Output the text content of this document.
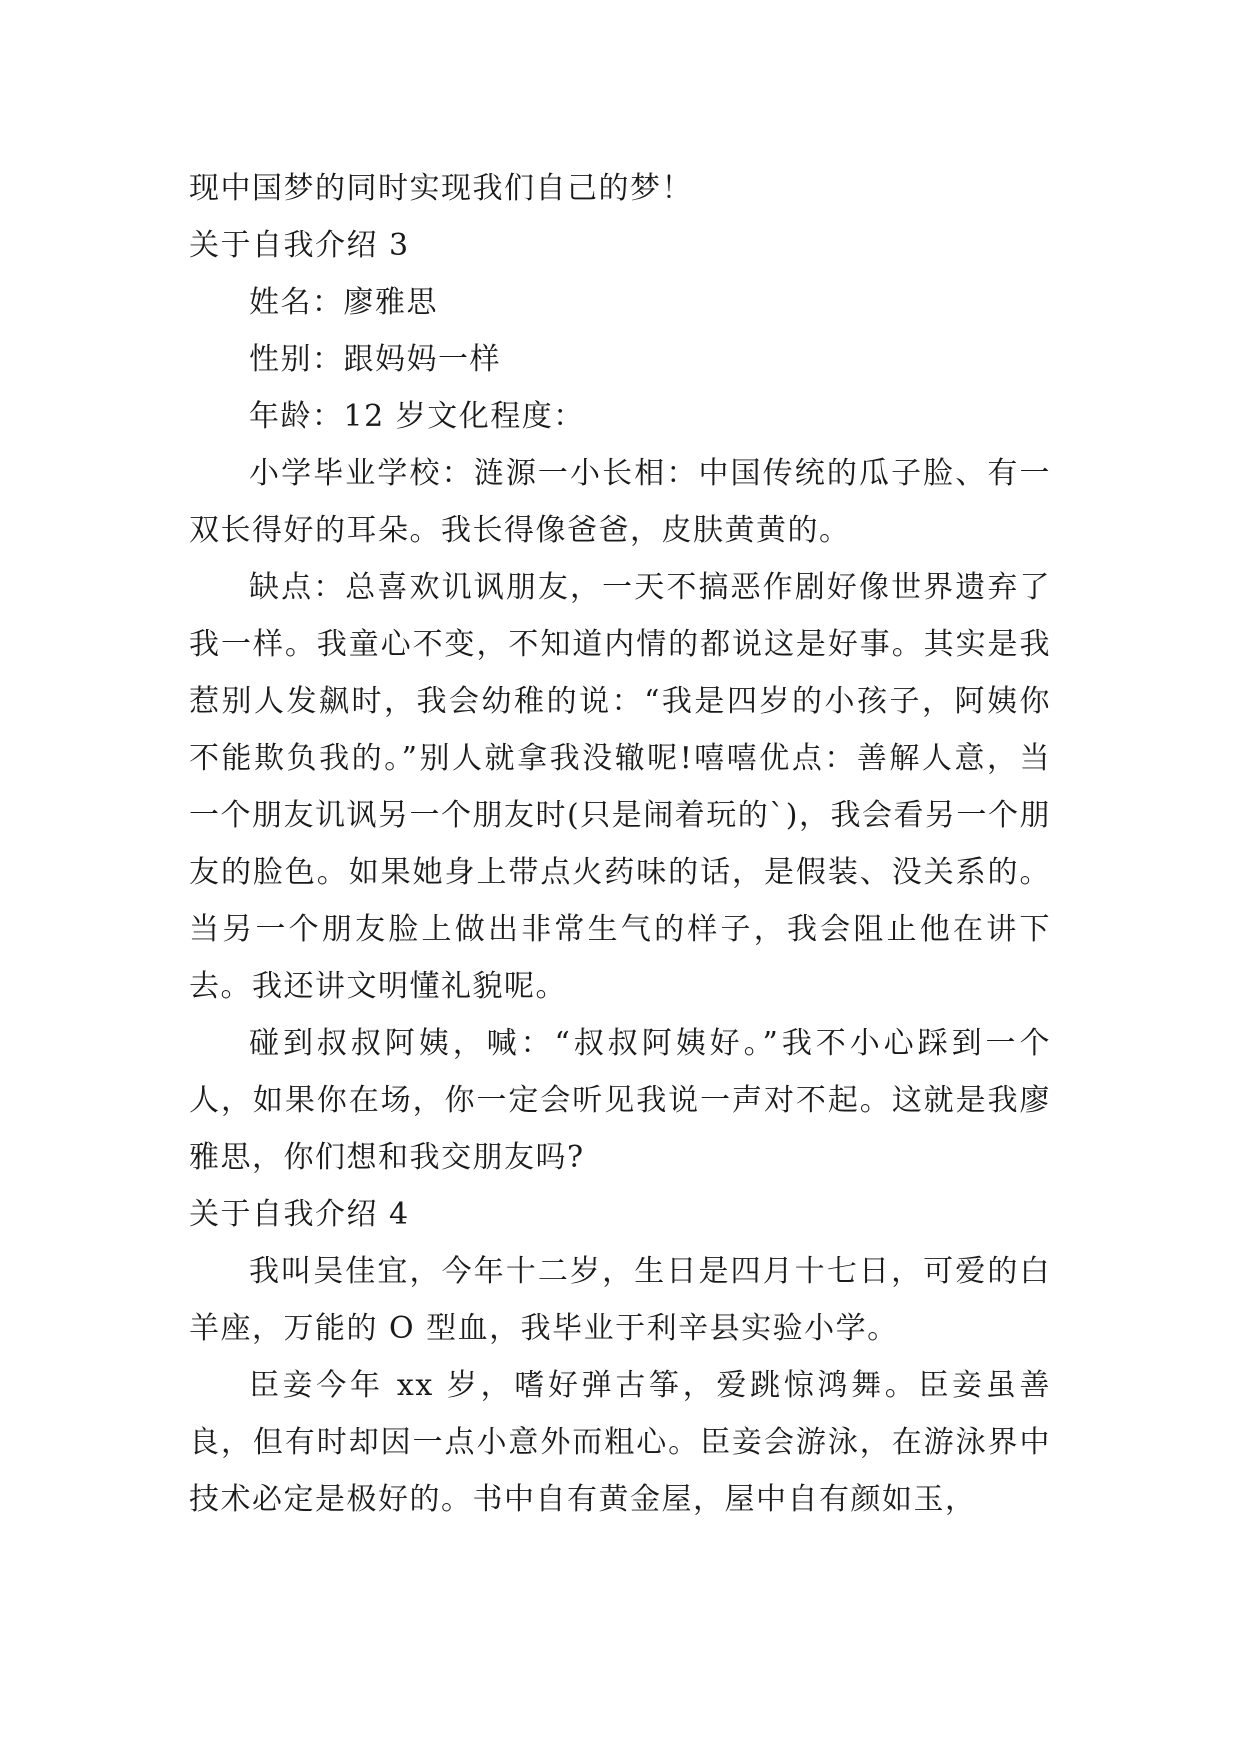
现中国梦的同时实现我们自己的梦！

关于自我介绍 3

姓名：廖雅思

性别：跟妈妈一样

年龄：12 岁文化程度：

小学毕业学校：涟源一小长相：中国传统的瓜子脸、有一双长得好的耳朵。我长得像爸爸，皮肤黄黄的。

缺点：总喜欢讥讽朋友，一天不搞恶作剧好像世界遗弃了我一样。我童心不变，不知道内情的都说这是好事。其实是我惹别人发飙时，我会幼稚的说：“我是四岁的小孩子，阿姨你不能欺负我的。”别人就拿我没辙呢!嘻嘻优点：善解人意，当一个朋友讥讽另一个朋友时(只是闹着玩的`)，我会看另一个朋友的脸色。如果她身上带点火药味的话，是假装、没关系的。当另一个朋友脸上做出非常生气的样子，我会阻止他在讲下去。我还讲文明懂礼貌呢。

碰到叔叔阿姨，喊：“叔叔阿姨好。”我不小心踩到一个人，如果你在场，你一定会听见我说一声对不起。这就是我廖雅思，你们想和我交朋友吗?

关于自我介绍 4

我叫吴佳宜，今年十二岁，生日是四月十七日，可爱的白羊座，万能的 O 型血，我毕业于利辛县实验小学。

臣妾今年 xx 岁，嗜好弹古筝，爱跳惊鸿舞。臣妾虽善良，但有时却因一点小意外而粗心。臣妾会游泳，在游泳界中技术必定是极好的。书中自有黄金屋，屋中自有颜如玉，
